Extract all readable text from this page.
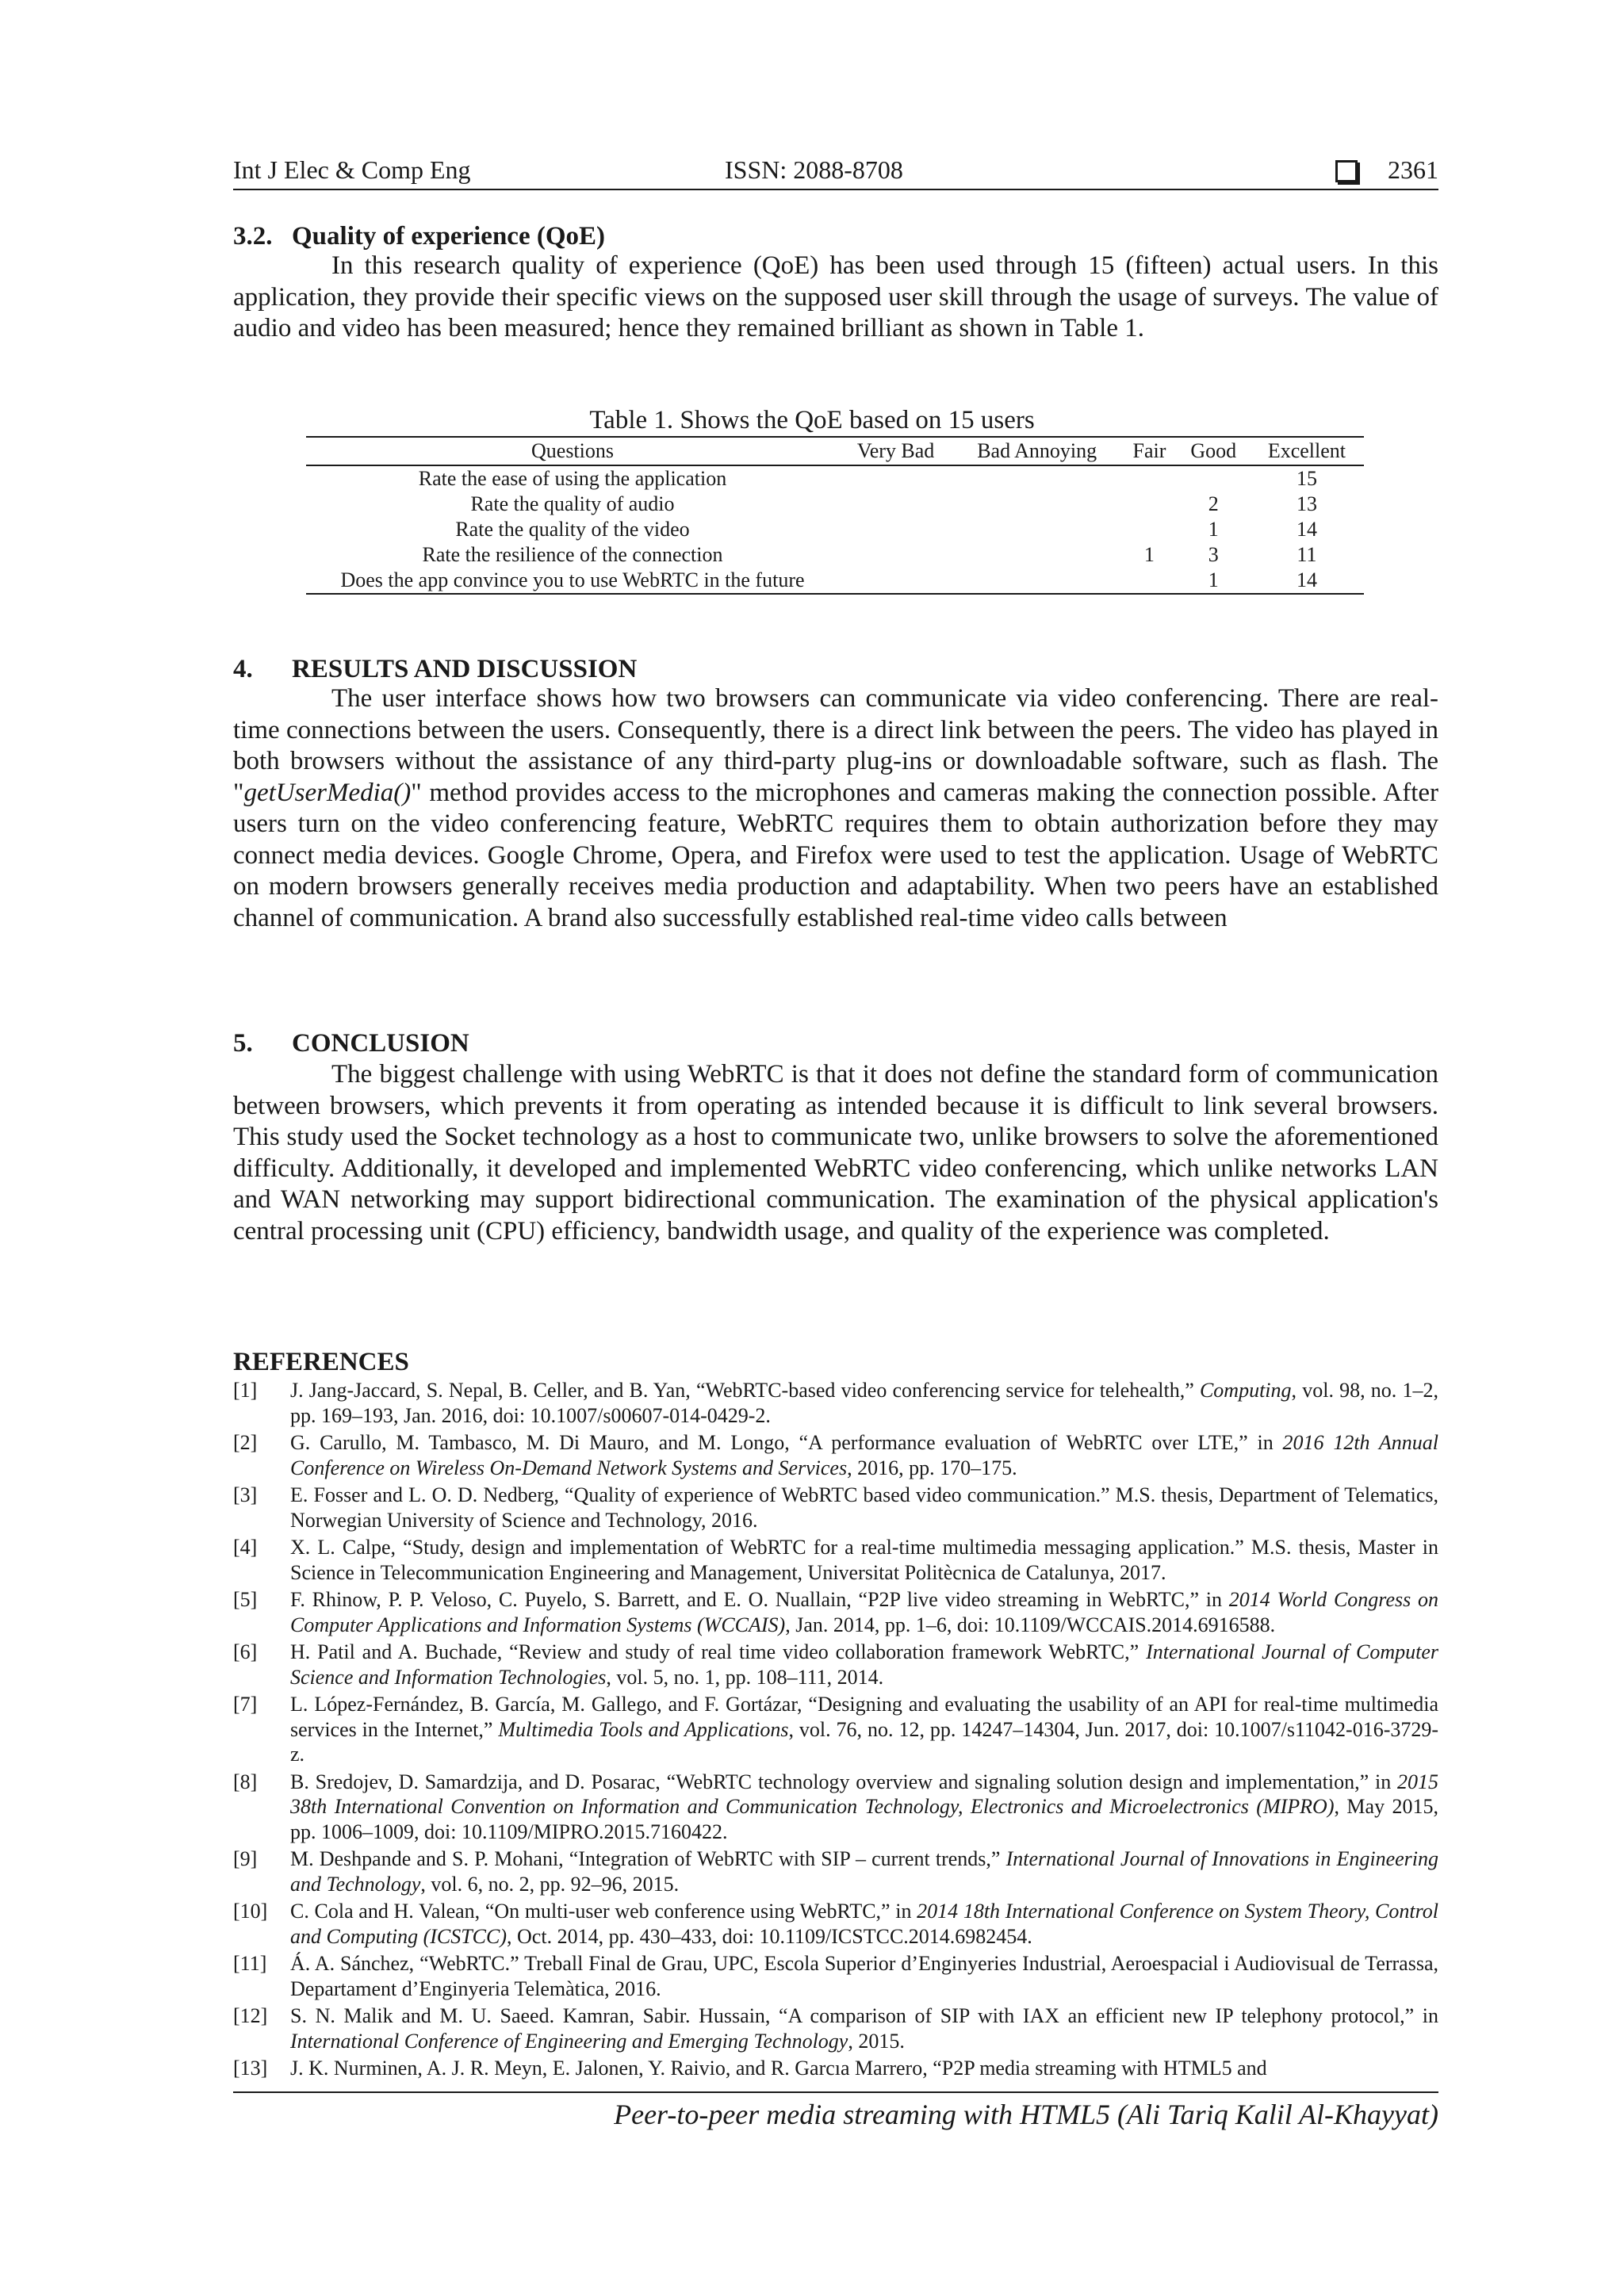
Int J Elec & Comp Eng	ISSN: 2088-8708	2361
3.2. Quality of experience (QoE)

In this research quality of experience (QoE) has been used through 15 (fifteen) actual users. In this application, they provide their specific views on the supposed user skill through the usage of surveys. The value of audio and video has been measured; hence they remained brilliant as shown in Table 1.

Table 1. Shows the QoE based on 15 users
Questions	Very Bad	Bad Annoying	Fair	Good	Excellent
Rate the ease of using the application					15
Rate the quality of audio				2	13
Rate the quality of the video				1	14
Rate the resilience of the connection			1	3	11
Does the app convince you to use WebRTC in the future				1	14
4. RESULTS AND DISCUSSION

The user interface shows how two browsers can communicate via video conferencing. There are real-time connections between the users. Consequently, there is a direct link between the peers. The video has played in both browsers without the assistance of any third-party plug-ins or downloadable software, such as flash. The "getUserMedia()" method provides access to the microphones and cameras making the connection possible. After users turn on the video conferencing feature, WebRTC requires them to obtain authorization before they may connect media devices. Google Chrome, Opera, and Firefox were used to test the application. Usage of WebRTC on modern browsers generally receives media production and adaptability. When two peers have an established channel of communication. A brand also successfully established real-time video calls between

5. CONCLUSION

The biggest challenge with using WebRTC is that it does not define the standard form of communication between browsers, which prevents it from operating as intended because it is difficult to link several browsers. This study used the Socket technology as a host to communicate two, unlike browsers to solve the aforementioned difficulty. Additionally, it developed and implemented WebRTC video conferencing, which unlike networks LAN and WAN networking may support bidirectional communication. The examination of the physical application's central processing unit (CPU) efficiency, bandwidth usage, and quality of the experience was completed.

REFERENCES
[1]	J. Jang-Jaccard, S. Nepal, B. Celler, and B. Yan, “WebRTC-based video conferencing service for telehealth,” Computing, vol. 98, no. 1–2, pp. 169–193, Jan. 2016, doi: 10.1007/s00607-014-0429-2.
[2]	G. Carullo, M. Tambasco, M. Di Mauro, and M. Longo, “A performance evaluation of WebRTC over LTE,” in 2016 12th Annual Conference on Wireless On-Demand Network Systems and Services, 2016, pp. 170–175.
[3]	E. Fosser and L. O. D. Nedberg, “Quality of experience of WebRTC based video communication.” M.S. thesis, Department of Telematics, Norwegian University of Science and Technology, 2016.
[4]	X. L. Calpe, “Study, design and implementation of WebRTC for a real-time multimedia messaging application.” M.S. thesis, Master in Science in Telecommunication Engineering and Management, Universitat Politècnica de Catalunya, 2017.
[5]	F. Rhinow, P. P. Veloso, C. Puyelo, S. Barrett, and E. O. Nuallain, “P2P live video streaming in WebRTC,” in 2014 World Congress on Computer Applications and Information Systems (WCCAIS), Jan. 2014, pp. 1–6, doi: 10.1109/WCCAIS.2014.6916588.
[6]	H. Patil and A. Buchade, “Review and study of real time video collaboration framework WebRTC,” International Journal of Computer Science and Information Technologies, vol. 5, no. 1, pp. 108–111, 2014.
[7]	L. López-Fernández, B. García, M. Gallego, and F. Gortázar, “Designing and evaluating the usability of an API for real-time multimedia services in the Internet,” Multimedia Tools and Applications, vol. 76, no. 12, pp. 14247–14304, Jun. 2017, doi: 10.1007/s11042-016-3729-z.
[8]	B. Sredojev, D. Samardzija, and D. Posarac, “WebRTC technology overview and signaling solution design and implementation,” in 2015 38th International Convention on Information and Communication Technology, Electronics and Microelectronics (MIPRO), May 2015, pp. 1006–1009, doi: 10.1109/MIPRO.2015.7160422.
[9]	M. Deshpande and S. P. Mohani, “Integration of WebRTC with SIP – current trends,” International Journal of Innovations in Engineering and Technology, vol. 6, no. 2, pp. 92–96, 2015.
[10]	C. Cola and H. Valean, “On multi-user web conference using WebRTC,” in 2014 18th International Conference on System Theory, Control and Computing (ICSTCC), Oct. 2014, pp. 430–433, doi: 10.1109/ICSTCC.2014.6982454.
[11]	Á. A. Sánchez, “WebRTC.” Treball Final de Grau, UPC, Escola Superior d’Enginyeries Industrial, Aeroespacial i Audiovisual de Terrassa, Departament d’Enginyeria Telemàtica, 2016.
[12]	S. N. Malik and M. U. Saeed. Kamran, Sabir. Hussain, “A comparison of SIP with IAX an efficient new IP telephony protocol,” in International Conference of Engineering and Emerging Technology, 2015.
[13]	J. K. Nurminen, A. J. R. Meyn, E. Jalonen, Y. Raivio, and R. Garcıa Marrero, “P2P media streaming with HTML5 and
Peer-to-peer media streaming with HTML5 (Ali Tariq Kalil Al-Khayyat)
